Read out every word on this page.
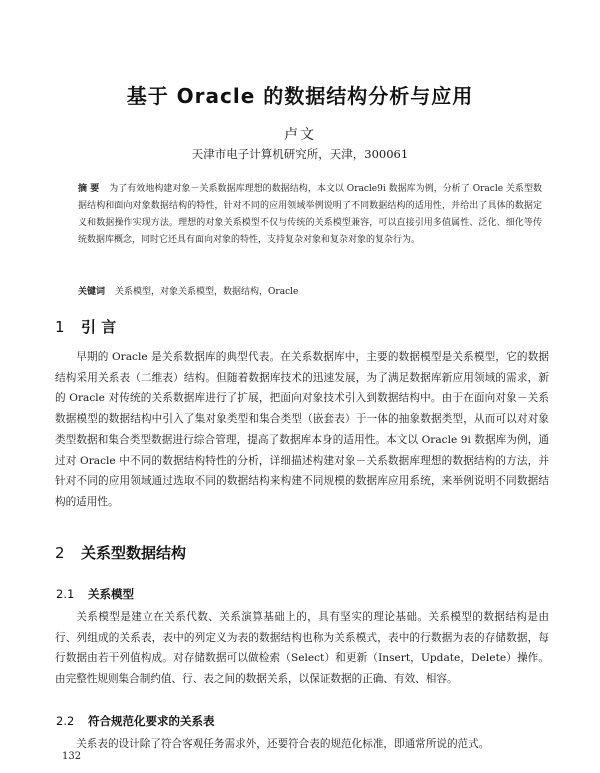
基于 Oracle 的数据结构分析与应用
卢文
天津市电子计算机研究所，天津，300061
摘 要 为了有效地构建对象－关系数据库理想的数据结构，本文以 Oracle9i 数据库为例，分析了 Oracle 关系型数据结构和面向对象数据结构的特性，针对不同的应用领域举例说明了不同数据结构的适用性，并给出了具体的数据定义和数据操作实现方法。理想的对象关系模型不仅与传统的关系模型兼容，可以直接引用多值属性、泛化、细化等传统数据库概念，同时它还具有面向对象的特性，支持复杂对象和复杂对象的复杂行为。
关键词 关系模型，对象关系模型，数据结构，Oracle
1 引 言
早期的 Oracle 是关系数据库的典型代表。在关系数据库中，主要的数据模型是关系模型，它的数据结构采用关系表（二维表）结构。但随着数据库技术的迅速发展，为了满足数据库新应用领域的需求，新的 Oracle 对传统的关系数据库进行了扩展，把面向对象技术引入到数据结构中。由于在面向对象－关系数据模型的数据结构中引入了集对象类型和集合类型（嵌套表）于一体的抽象数据类型，从而可以对对象类型数据和集合类型数据进行综合管理，提高了数据库本身的适用性。本文以 Oracle 9i 数据库为例，通过对 Oracle 中不同的数据结构特性的分析，详细描述构建对象－关系数据库理想的数据结构的方法，并针对不同的应用领域通过选取不同的数据结构来构建不同规模的数据库应用系统，来举例说明不同数据结构的适用性。
2 关系型数据结构
2.1 关系模型
关系模型是建立在关系代数、关系演算基础上的，具有坚实的理论基础。关系模型的数据结构是由行、列组成的关系表，表中的列定义为表的数据结构也称为关系模式，表中的行数据为表的存储数据，每行数据由若干列值构成。对存储数据可以做检索（Select）和更新（Insert，Update，Delete）操作。由完整性规则集合制约值、行、表之间的数据关系，以保证数据的正确、有效、相容。
2.2 符合规范化要求的关系表
关系表的设计除了符合客观任务需求外，还要符合表的规范化标准，即通常所说的范式。
132
